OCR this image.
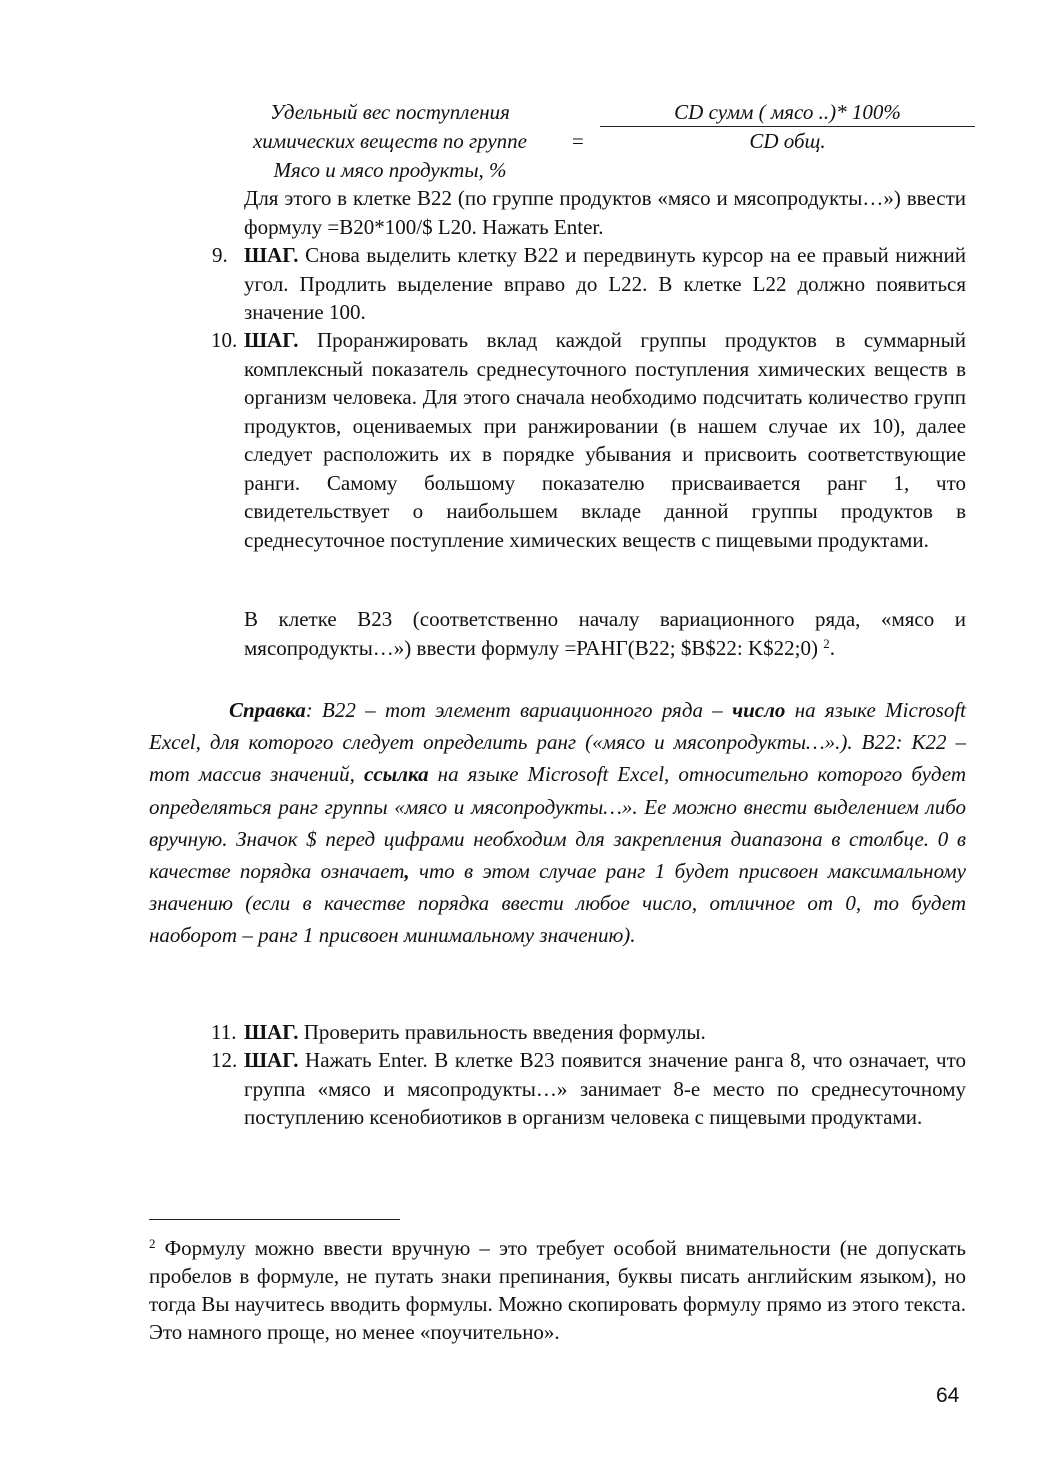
Удельный вес поступления
химических веществ по группе
Мясо и мясо продукты, %
=
CD сумм ( мясо ..)* 100%
CD общ.
Для этого в клетке В22 (по группе продуктов «мясо и мясопродукты…») ввести формулу =В20*100/$ L20. Нажать Enter.
9. ШАГ. Снова выделить клетку В22 и передвинуть курсор на ее правый нижний угол. Продлить выделение вправо до L22. В клетке L22 должно появиться значение 100.
10. ШАГ. Проранжировать вклад каждой группы продуктов в суммарный комплексный показатель среднесуточного поступления химических веществ в организм человека. Для этого сначала необходимо подсчитать количество групп продуктов, оцениваемых при ранжировании (в нашем случае их 10), далее следует расположить их в порядке убывания и присвоить соответствующие ранги. Самому большому показателю присваивается ранг 1, что свидетельствует о наибольшем вкладе данной группы продуктов в среднесуточное поступление химических веществ с пищевыми продуктами.
В клетке В23 (соответственно началу вариационного ряда, «мясо и мясопродукты…») ввести формулу =РАНГ(В22; $B$22: K$22;0) $^2$.
Справка: В22 – тот элемент вариационного ряда – число на языке Microsoft Excel, для которого следует определить ранг («мясо и мясопродукты…».). В22: К22 – тот массив значений, ссылка на языке Microsoft Excel, относительно которого будет определяться ранг группы «мясо и мясопродукты…». Ее можно внести выделением либо вручную. Значок $ перед цифрами необходим для закрепления диапазона в столбце. 0 в качестве порядка означает, что в этом случае ранг 1 будет присвоен максимальному значению (если в качестве порядка ввести любое число, отличное от 0, то будет наоборот – ранг 1 присвоен минимальному значению).
11. ШАГ. Проверить правильность введения формулы.
12. ШАГ. Нажать Enter. В клетке В23 появится значение ранга 8, что означает, что группа «мясо и мясопродукты…» занимает 8-е место по среднесуточному поступлению ксенобиотиков в организм человека с пищевыми продуктами.
$^2$ Формулу можно ввести вручную – это требует особой внимательности (не допускать пробелов в формуле, не путать знаки препинания, буквы писать английским языком), но тогда Вы научитесь вводить формулы. Можно скопировать формулу прямо из этого текста. Это намного проще, но менее «поучительно».
64
